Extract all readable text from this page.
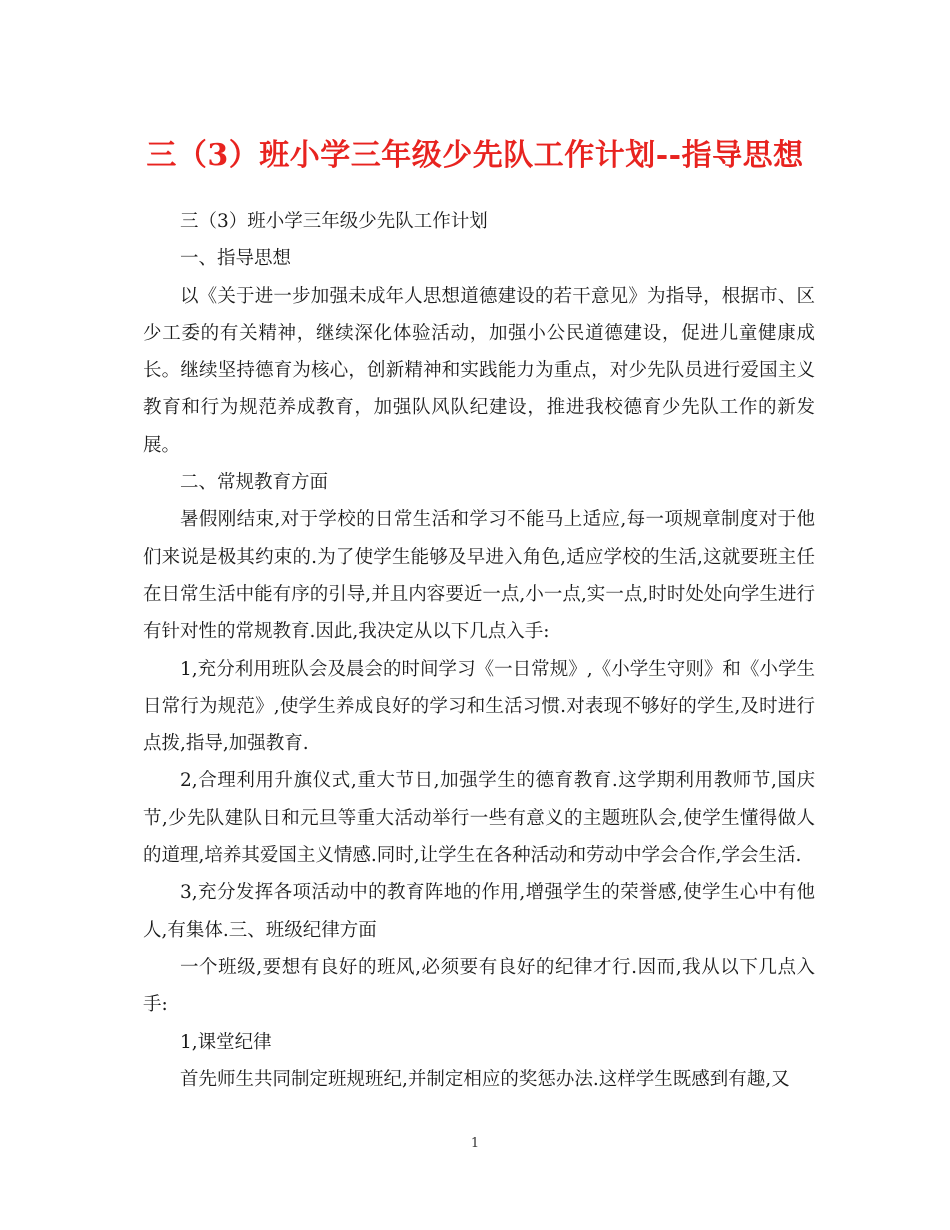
三（3）班小学三年级少先队工作计划--指导思想

三（3）班小学三年级少先队工作计划

一、指导思想

以《关于进一步加强未成年人思想道德建设的若干意见》为指导，根据市、区少工委的有关精神，继续深化体验活动，加强小公民道德建设，促进儿童健康成长。继续坚持德育为核心，创新精神和实践能力为重点，对少先队员进行爱国主义教育和行为规范养成教育，加强队风队纪建设，推进我校德育少先队工作的新发展。

二、常规教育方面

暑假刚结束,对于学校的日常生活和学习不能马上适应,每一项规章制度对于他们来说是极其约束的.为了使学生能够及早进入角色,适应学校的生活,这就要班主任在日常生活中能有序的引导,并且内容要近一点,小一点,实一点,时时处处向学生进行有针对性的常规教育.因此,我决定从以下几点入手:

1,充分利用班队会及晨会的时间学习《一日常规》,《小学生守则》和《小学生日常行为规范》,使学生养成良好的学习和生活习惯.对表现不够好的学生,及时进行点拨,指导,加强教育.

2,合理利用升旗仪式,重大节日,加强学生的德育教育.这学期利用教师节,国庆节,少先队建队日和元旦等重大活动举行一些有意义的主题班队会,使学生懂得做人的道理,培养其爱国主义情感.同时,让学生在各种活动和劳动中学会合作,学会生活.

3,充分发挥各项活动中的教育阵地的作用,增强学生的荣誉感,使学生心中有他人,有集体.三、班级纪律方面

一个班级,要想有良好的班风,必须要有良好的纪律才行.因而,我从以下几点入手:

1,课堂纪律

首先师生共同制定班规班纪,并制定相应的奖惩办法.这样学生既感到有趣,又

1
